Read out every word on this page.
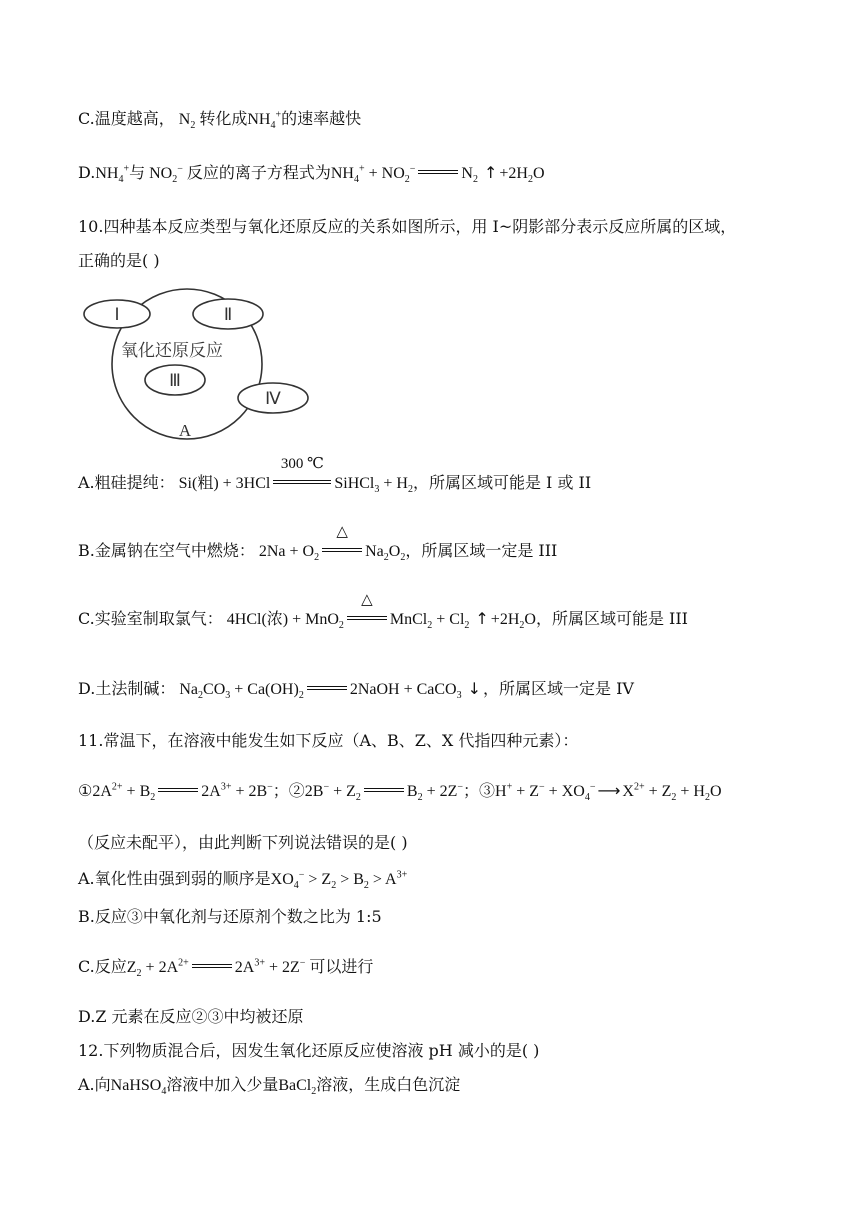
C.温度越高， $N_2$ 转化成$NH_4^+$的速率越快
$D.NH_4^+$与 $NO_2^-$ 反应的离子方程式为$NH_4^+ + NO_2^-$	$N_2$ ↑ $+2H_2O$
10.四种基本反应类型与氧化还原反应的关系如图所示，用 I~阴影部分表示反应所属的区域，
正确的是( )
Ⅰ	Ⅱ
Ⅲ
Ⅳ
氧化还原反应
A
A.粗硅提纯： Si(粗) + 3HCl
300 ℃
SiHCl$_3$ + $H_2$，所属区域可能是 I 或 II
B.金属钠在空气中燃烧： $2Na + O_2$
△
$Na_2O_2$，所属区域一定是 III
C.实验室制取氯气： 4HCl(浓) + MnO$_2$
△
MnCl$_2$ + $Cl_2$ ↑ $+2H_2O$，所属区域可能是 III
D.土法制碱： $Na_2CO_3 + Ca(OH)_2$	2NaOH + CaCO$_3$ ↓ ，所属区域一定是 IV
11.常温下，在溶液中能发生如下反应（A、B、Z、X 代指四种元素）：
$①2A^{2+} + B_2$	$2A^{3+} + 2B^-$；②2B− + $Z_2$	$B_2 + 2Z^-$；③H+ + $Z^- + XO_4^-$ ⟶ $X^{2+} + Z_2 + H_2O$
（反应未配平），由此判断下列说法错误的是( )
A.氧化性由强到弱的顺序是$XO_4^- > Z_2 > B_2 > A^{3+}$
B.反应③中氧化剂与还原剂个数之比为 1:5
C.反应$Z_2 + 2A^{2+}$	$2A^{3+} + 2Z^-$ 可以进行
D.Z 元素在反应②③中均被还原
12.下列物质混合后，因发生氧化还原反应使溶液 pH 减小的是( )
A.向NaHSO$_4$溶液中加入少量BaCl$_2$溶液，生成白色沉淀
